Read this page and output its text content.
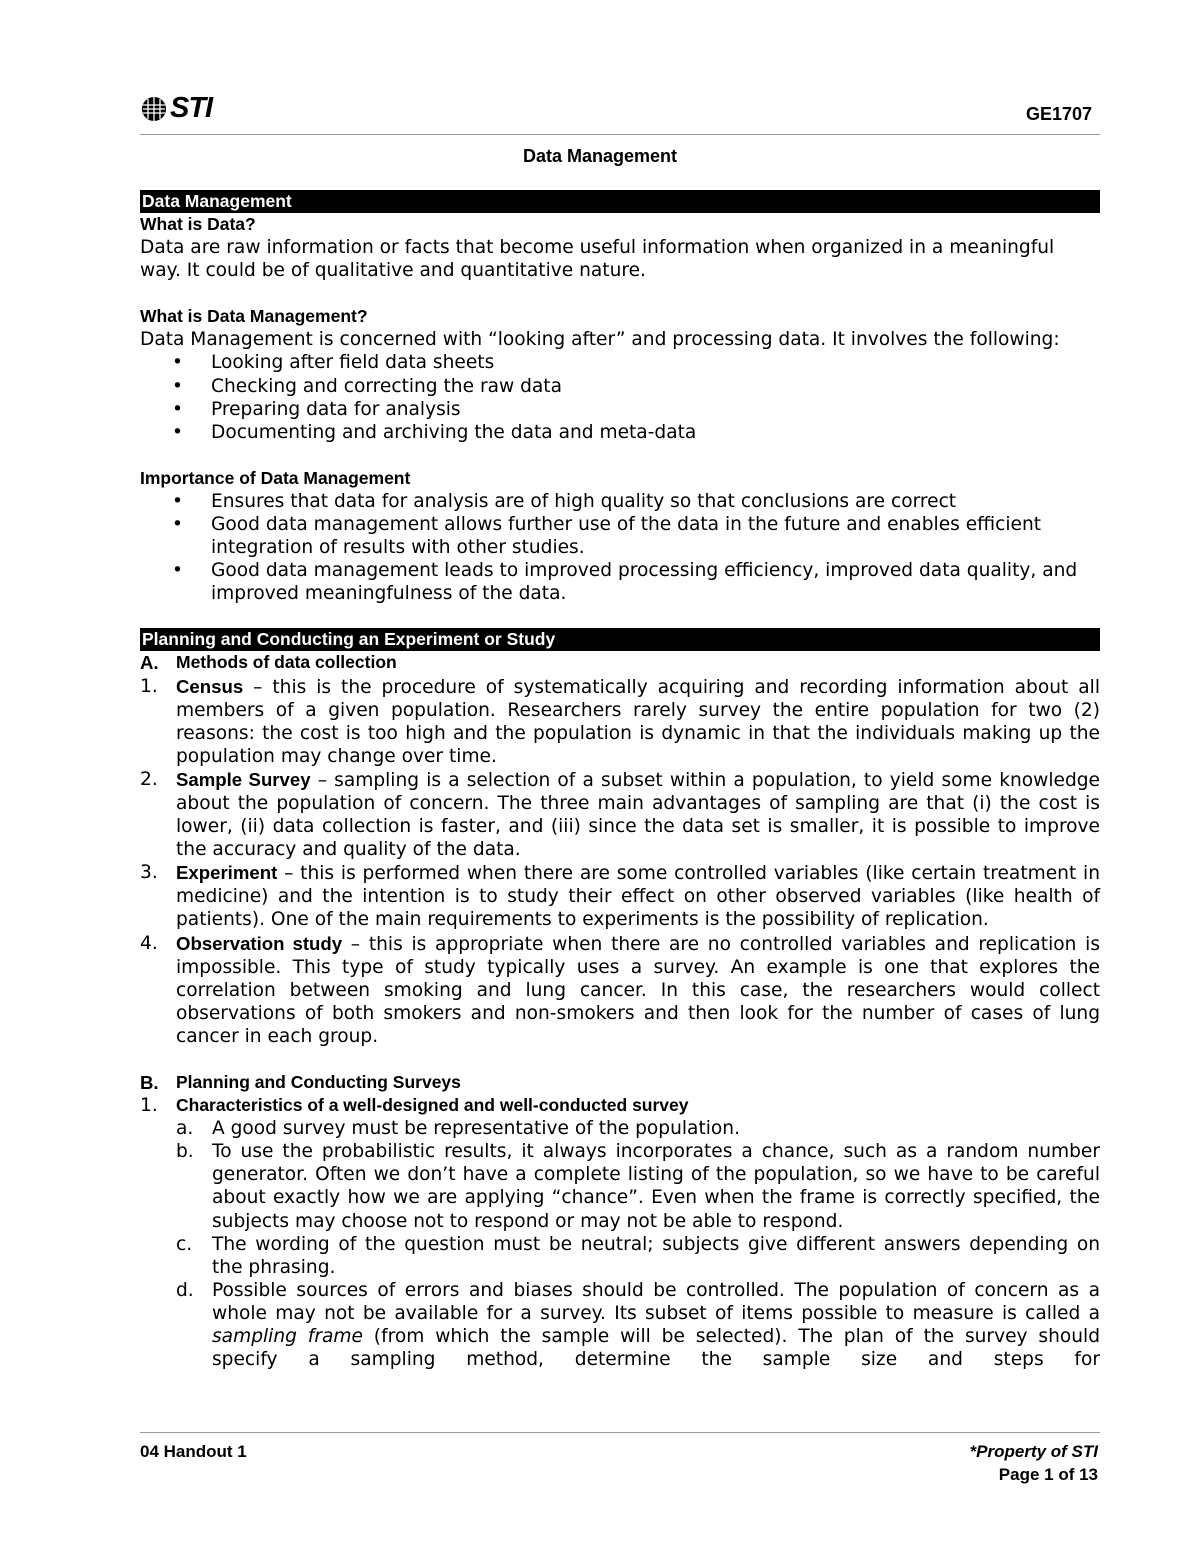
STI	GE1707
Data Management
Data Management
What is Data?

Data are raw information or facts that become useful information when organized in a meaningful way. It could be of qualitative and quantitative nature.

What is Data Management?

Data Management is concerned with “looking after” and processing data. It involves the following:

• Looking after field data sheets
• Checking and correcting the raw data
• Preparing data for analysis
• Documenting and archiving the data and meta-data
Importance of Data Management
• Ensures that data for analysis are of high quality so that conclusions are correct
• Good data management allows further use of the data in the future and enables efficient integration of results with other studies.
• Good data management leads to improved processing efficiency, improved data quality, and improved meaningfulness of the data.
Planning and Conducting an Experiment or Study
A. Methods of data collection
1. Census – this is the procedure of systematically acquiring and recording information about all members of a given population. Researchers rarely survey the entire population for two (2) reasons: the cost is too high and the population is dynamic in that the individuals making up the population may change over time.
2. Sample Survey – sampling is a selection of a subset within a population, to yield some knowledge about the population of concern. The three main advantages of sampling are that (i) the cost is lower, (ii) data collection is faster, and (iii) since the data set is smaller, it is possible to improve the accuracy and quality of the data.
3. Experiment – this is performed when there are some controlled variables (like certain treatment in medicine) and the intention is to study their effect on other observed variables (like health of patients). One of the main requirements to experiments is the possibility of replication.
4. Observation study – this is appropriate when there are no controlled variables and replication is impossible. This type of study typically uses a survey. An example is one that explores the correlation between smoking and lung cancer. In this case, the researchers would collect observations of both smokers and non-smokers and then look for the number of cases of lung cancer in each group.
B. Planning and Conducting Surveys
1.	Characteristics of a well-designed and well-conducted survey
a.	A good survey must be representative of the population.
b. To use the probabilistic results, it always incorporates a chance, such as a random number generator. Often we don’t have a complete listing of the population, so we have to be careful about exactly how we are applying “chance”. Even when the frame is correctly specified, the subjects may choose not to respond or may not be able to respond.
c.	The wording of the question must be neutral; subjects give different answers depending on the phrasing.
d. Possible sources of errors and biases should be controlled. The population of concern as a whole may not be available for a survey. Its subset of items possible to measure is called a sampling frame (from which the sample will be selected). The plan of the survey should specify a sampling method, determine the sample size and steps for
04 Handout 1	*Property of STI
Page 1 of 13
